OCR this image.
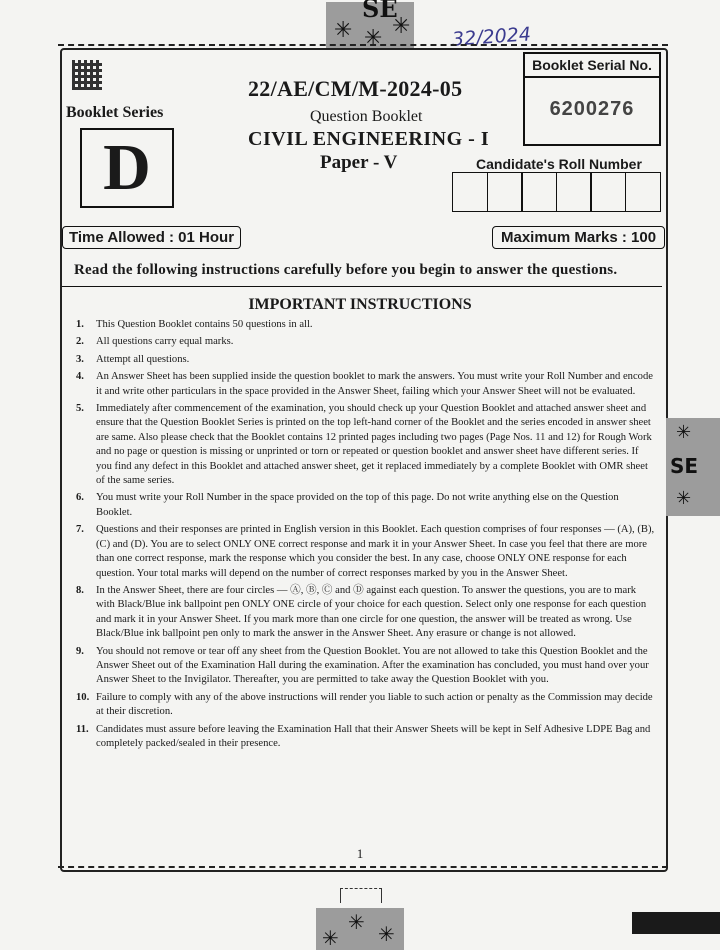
SE
✳ ✳ ✳ 32/2024
Booklet Series
D
22/AE/CM/M-2024-05
Question Booklet
CIVIL ENGINEERING - I
Paper - V
Booklet Serial No.
6200276
Candidate's Roll Number
Time Allowed : 01 Hour	Maximum Marks : 100
Read the following instructions carefully before you begin to answer the questions.
IMPORTANT INSTRUCTIONS
1. This Question Booklet contains 50 questions in all.
2. All questions carry equal marks.
3. Attempt all questions.
4. An Answer Sheet has been supplied inside the question booklet to mark the answers. You must write your Roll Number and encode it and write other particulars in the space provided in the Answer Sheet, failing which your Answer Sheet will not be evaluated.
5. Immediately after commencement of the examination, you should check up your Question Booklet and attached answer sheet and ensure that the Question Booklet Series is printed on the top left-hand corner of the Booklet and the series encoded in answer sheet are same. Also please check that the Booklet contains 12 printed pages including two pages (Page Nos. 11 and 12) for Rough Work and no page or question is missing or unprinted or torn or repeated or question booklet and answer sheet have different series. If you find any defect in this Booklet and attached answer sheet, get it replaced immediately by a complete Booklet with OMR sheet of the same series.
6. You must write your Roll Number in the space provided on the top of this page. Do not write anything else on the Question Booklet.
7. Questions and their responses are printed in English version in this Booklet. Each question comprises of four responses — (A), (B), (C) and (D). You are to select ONLY ONE correct response and mark it in your Answer Sheet. In case you feel that there are more than one correct response, mark the response which you consider the best. In any case, choose ONLY ONE response for each question. Your total marks will depend on the number of correct responses marked by you in the Answer Sheet.
8. In the Answer Sheet, there are four circles — Ⓐ, Ⓑ, Ⓒ and Ⓓ against each question. To answer the questions, you are to mark with Black/Blue ink ballpoint pen ONLY ONE circle of your choice for each question. Select only one response for each question and mark it in your Answer Sheet. If you mark more than one circle for one question, the answer will be treated as wrong. Use Black/Blue ink ballpoint pen only to mark the answer in the Answer Sheet. Any erasure or change is not allowed.
9. You should not remove or tear off any sheet from the Question Booklet. You are not allowed to take this Question Booklet and the Answer Sheet out of the Examination Hall during the examination. After the examination has concluded, you must hand over your Answer Sheet to the Invigilator. Thereafter, you are permitted to take away the Question Booklet with you.
10. Failure to comply with any of the above instructions will render you liable to such action or penalty as the Commission may decide at their discretion.
11. Candidates must assure before leaving the Examination Hall that their Answer Sheets will be kept in Self Adhesive LDPE Bag and completely packed/sealed in their presence.
1
✳
SE
✳
✳
✳ ✳
